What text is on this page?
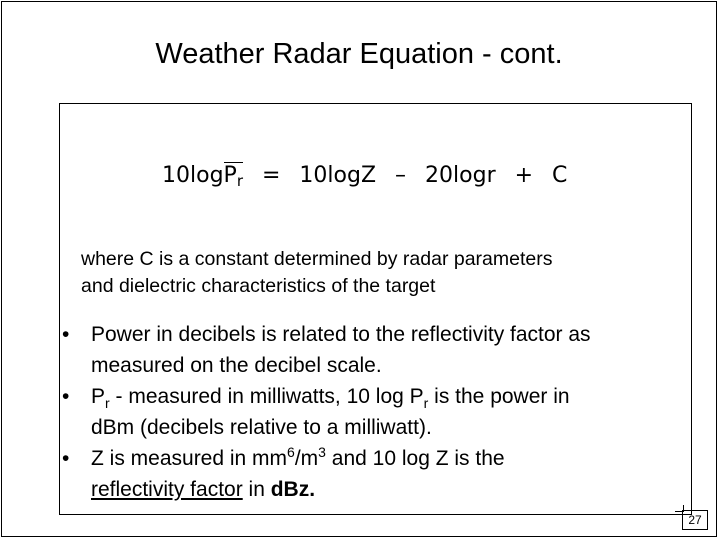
Weather Radar Equation - cont.
10logP$_r$ = 10logZ – 20logr + C
where C is a constant determined by radar parameters
and dielectric characteristics of the target
• Power in decibels is related to the reflectivity factor as
measured on the decibel scale.
• $P_r$ - measured in milliwatts, 10 $\log P_r$ is the power in
dBm (decibels relative to a milliwatt).
• Z is measured in $mm^6/m^3$ and 10 log Z is the
reflectivity factor in dBz.
27
